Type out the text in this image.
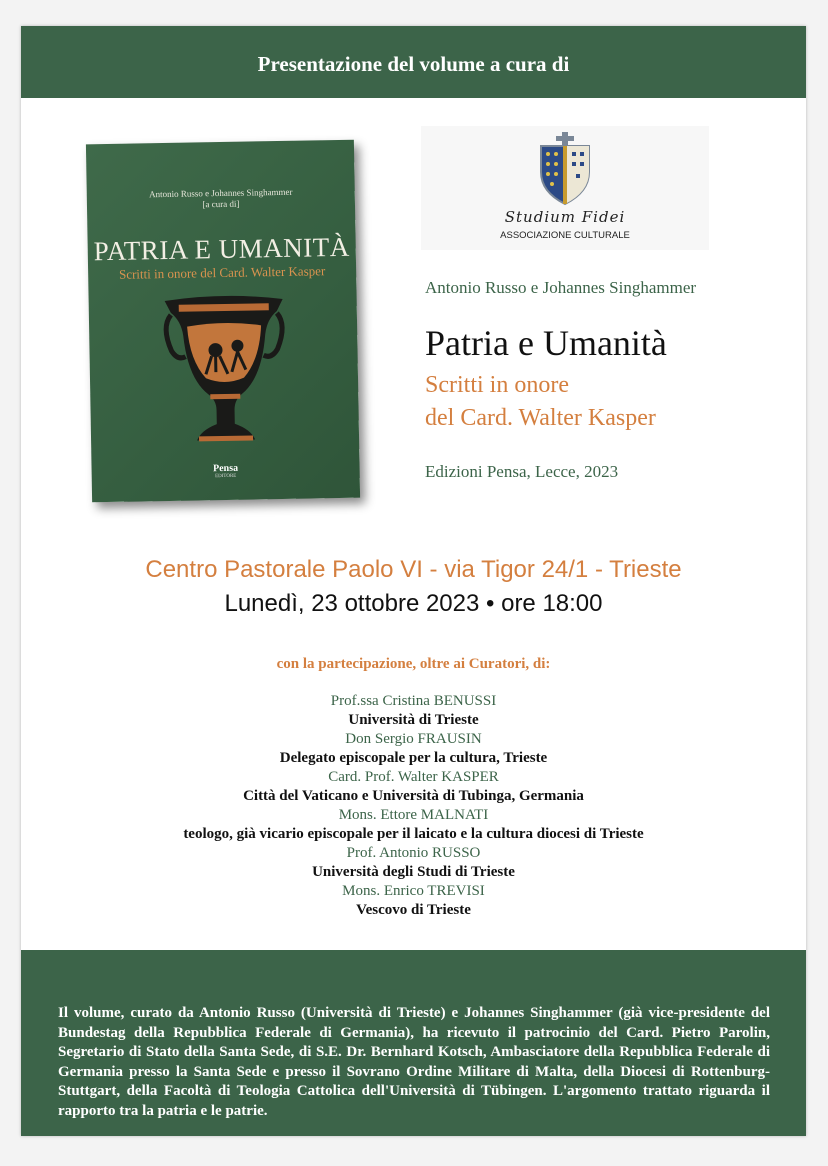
Presentazione del volume a cura di
Antonio Russo e Johannes Singhammer
[a cura di]
PATRIA E UMANITÀ
Scritti in onore del Card. Walter Kasper
Pensa
EDITORE
Studium Fidei
ASSOCIAZIONE CULTURALE
Antonio Russo e Johannes Singhammer
Patria e Umanità
Scritti in onore
del Card. Walter Kasper
Edizioni Pensa, Lecce, 2023
Centro Pastorale Paolo VI - via Tigor 24/1 - Trieste
Lunedì, 23 ottobre 2023 • ore 18:00
con la partecipazione, oltre ai Curatori, di:
Prof.ssa Cristina BENUSSI
Università di Trieste
Don Sergio FRAUSIN
Delegato episcopale per la cultura, Trieste
Card. Prof. Walter KASPER
Città del Vaticano e Università di Tubinga, Germania
Mons. Ettore MALNATI
teologo, già vicario episcopale per il laicato e la cultura diocesi di Trieste
Prof. Antonio RUSSO
Università degli Studi di Trieste
Mons. Enrico TREVISI
Vescovo di Trieste

Il volume, curato da Antonio Russo (Università di Trieste) e Johannes Singhammer (già vice-presidente del Bundestag della Repubblica Federale di Germania), ha ricevuto il patrocinio del Card. Pietro Parolin, Segretario di Stato della Santa Sede, di S.E. Dr. Bernhard Kotsch, Ambasciatore della Repubblica Federale di Germania presso la Santa Sede e presso il Sovrano Ordine Militare di Malta, della Diocesi di Rottenburg- Stuttgart, della Facoltà di Teologia Cattolica dell'Università di Tübingen. L'argomento trattato riguarda il rapporto tra la patria e le patrie.
